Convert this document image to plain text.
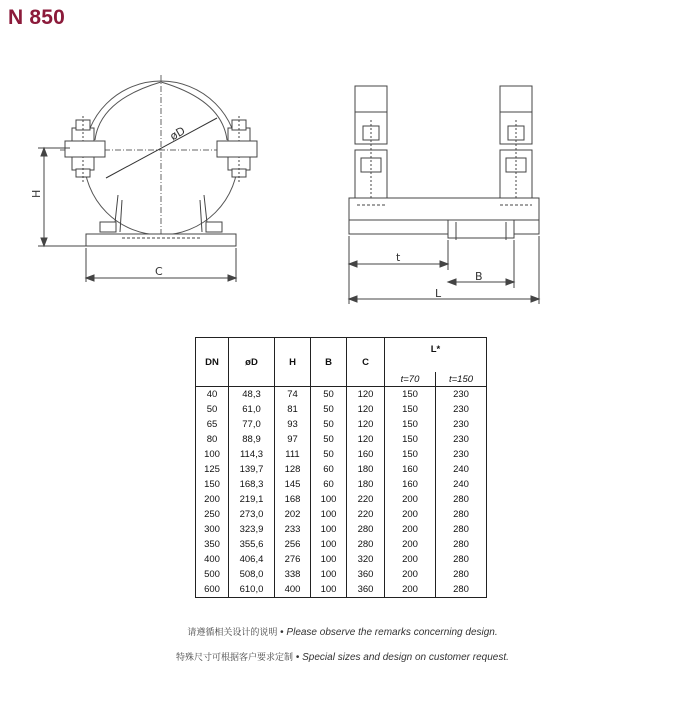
N 850
øD
H
C
t
B
L
DN	øD	H	B	C	L*	
					t=70	t=150
40	48,3	74	50	120	150	230
50	61,0	81	50	120	150	230
65	77,0	93	50	120	150	230
80	88,9	97	50	120	150	230
100	114,3	111	50	160	150	230
125	139,7	128	60	180	160	240
150	168,3	145	60	180	160	240
200	219,1	168	100	220	200	280
250	273,0	202	100	220	200	280
300	323,9	233	100	280	200	280
350	355,6	256	100	280	200	280
400	406,4	276	100	320	200	280
500	508,0	338	100	360	200	280
600	610,0	400	100	360	200	280
请遵循相关设计的说明 • Please observe the remarks concerning design.
特殊尺寸可根据客户要求定制 • Special sizes and design on customer request.
